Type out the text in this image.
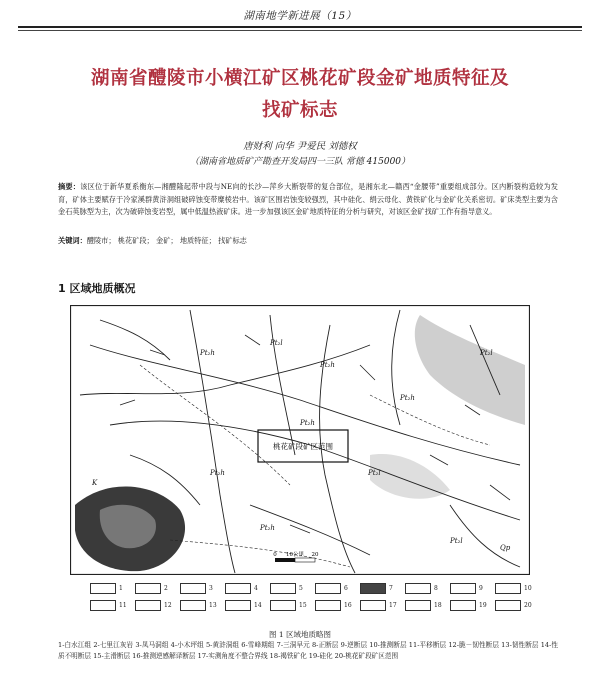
湖南地学新进展（15）
湖南省醴陵市小横江矿区桃花矿段金矿地质特征及
找矿标志
唐财利 向华 尹爱民 刘德权
（湖南省地质矿产勘查开发局四一三队 常德 415000）
摘要：该区位于新华夏系衡东—湘醴隆起带中段与NE向的长沙—萍乡大断裂带的复合部位，是湘东北—赣西“金腰带”重要组成部分。区内断裂构造较为发育，矿体主要赋存于冷家溪群黄浒洞组破碎蚀变带糜棱岩中。该矿区围岩蚀变较强烈，其中硅化、绢云母化、黄铁矿化与金矿化关系密切。矿床类型主要为含金石英脉型为主，次为破碎蚀变岩型，属中低温热液矿床。进一步加强该区金矿地质特征的分析与研究，对该区金矿找矿工作有指导意义。
关键词：醴陵市； 桃花矿段； 金矿； 地质特征； 找矿标志
1 区域地质概况
桃花矿段矿区范围
Pt₂h
Pt₂l
Pt₂h
Pt₂h
Pt₂l
Pt₂h
Pt₂l
Pt₂h
Pt₂l
Pt₂h
Qp
K
0 10公里 20
1	2	3	4	5	6	7	8	9	10
11	12	13	14	15	16	17	18	19	20
图 1 区域地质略图
1-白水江组 2-七里江灰岩 3-凤马洞组 4-小木坪组 5-黄浒洞组 6-雪峰期组 7-三洞早元 8-正断层 9-逆断层 10-推测断层 11-平移断层 12-脆－韧性断层 13-韧性断层 14-性质不明断层 15-主滑断层 16-推测逆感解译断层 17-实测角度不整合界线 18-褐铁矿化 19-硅化 20-桃花矿段矿区范围
